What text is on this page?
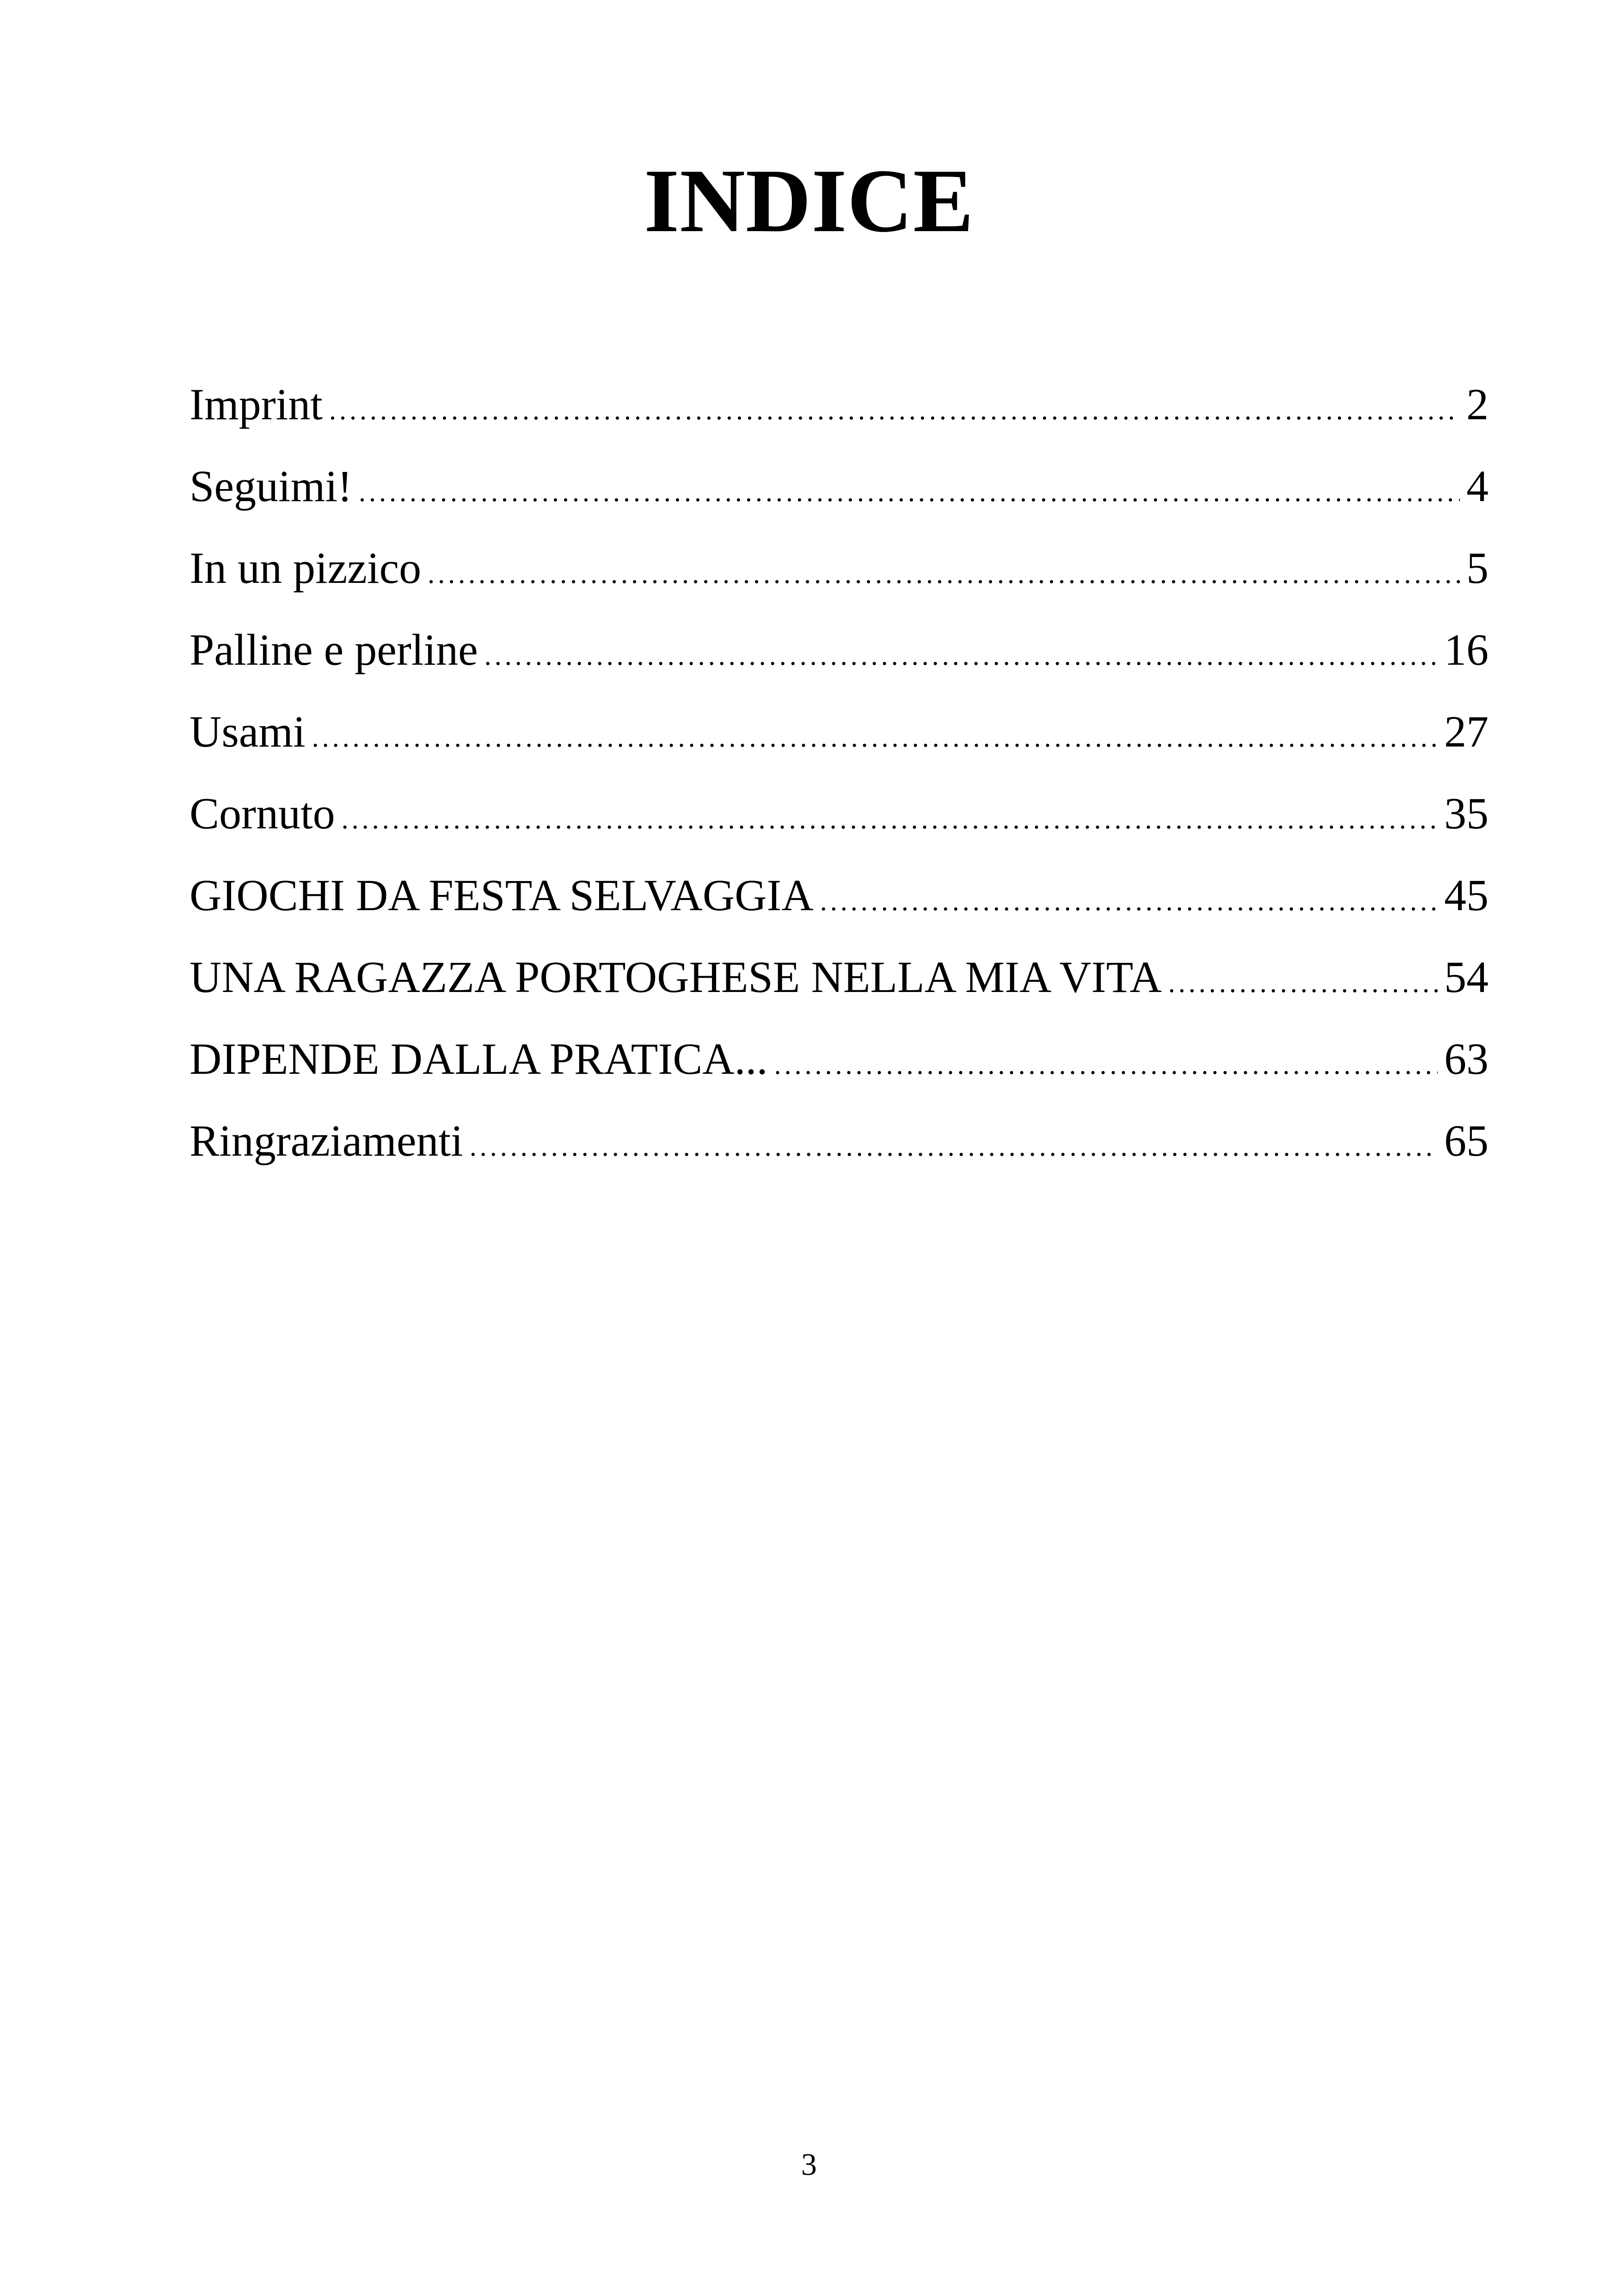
INDICE
Imprint .....	2
Seguimi! .....	4
In un pizzico .....	5
Palline e perline .....	16
Usami .....	27
Cornuto .....	35
GIOCHI DA FESTA SELVAGGIA .....	45
UNA RAGAZZA PORTOGHESE NELLA MIA VITA .....	54
DIPENDE DALLA PRATICA... .....	63
Ringraziamenti .....	65
3
